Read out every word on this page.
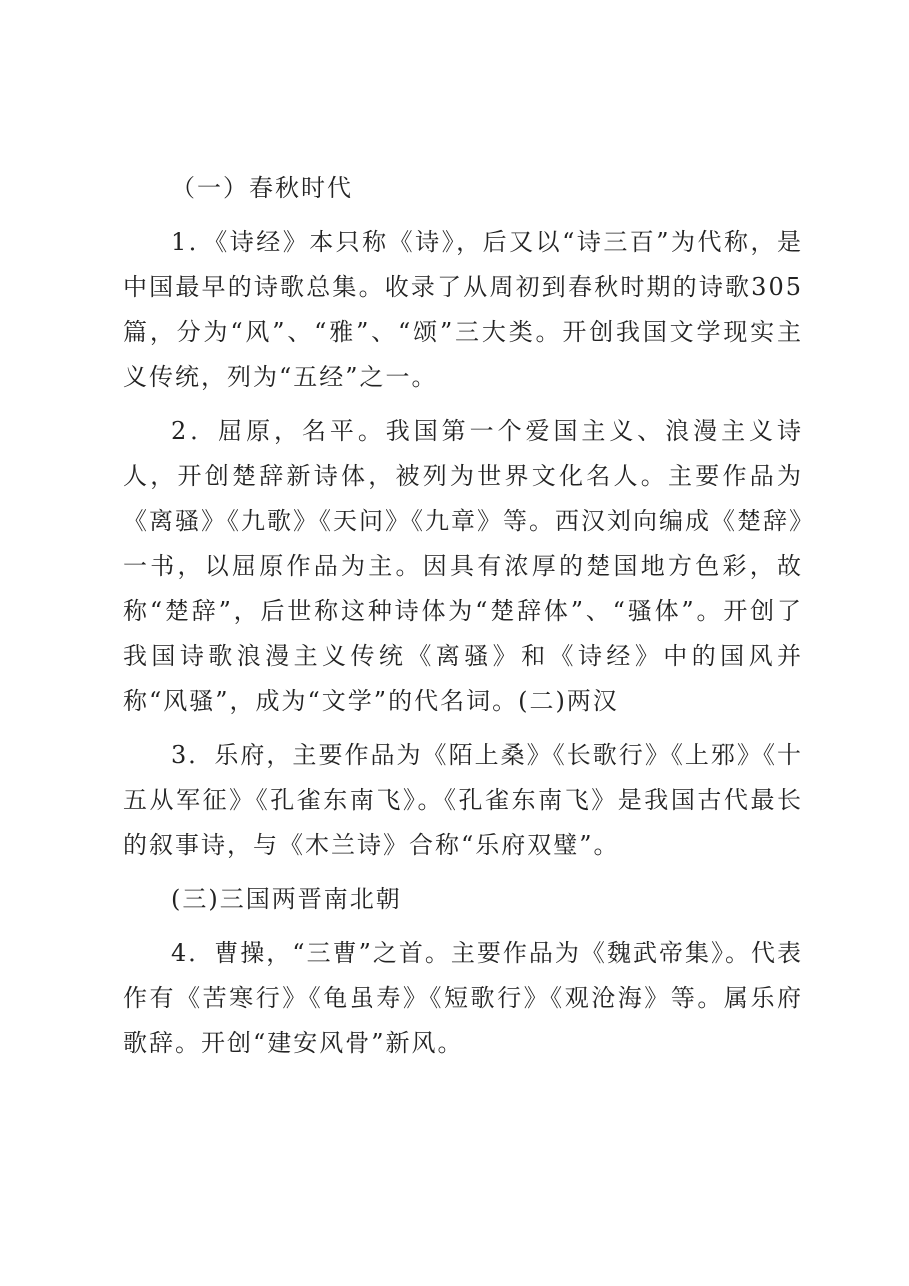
（一）春秋时代

1．《诗经》本只称《诗》，后又以“诗三百”为代称，是中国最早的诗歌总集。收录了从周初到春秋时期的诗歌305篇，分为“风”、“雅”、“颂”三大类。开创我国文学现实主义传统，列为“五经”之一。

2．屈原，名平。我国第一个爱国主义、浪漫主义诗人，开创楚辞新诗体，被列为世界文化名人。主要作品为《离骚》《九歌》《天问》《九章》等。西汉刘向编成《楚辞》一书，以屈原作品为主。因具有浓厚的楚国地方色彩，故称“楚辞”，后世称这种诗体为“楚辞体”、“骚体”。开创了我国诗歌浪漫主义传统《离骚》和《诗经》中的国风并称“风骚”，成为“文学”的代名词。(二)两汉

3．乐府，主要作品为《陌上桑》《长歌行》《上邪》《十五从军征》《孔雀东南飞》。《孔雀东南飞》是我国古代最长的叙事诗，与《木兰诗》合称“乐府双璧”。

(三)三国两晋南北朝

4．曹操，“三曹”之首。主要作品为《魏武帝集》。代表作有《苦寒行》《龟虽寿》《短歌行》《观沧海》等。属乐府歌辞。开创“建安风骨”新风。
